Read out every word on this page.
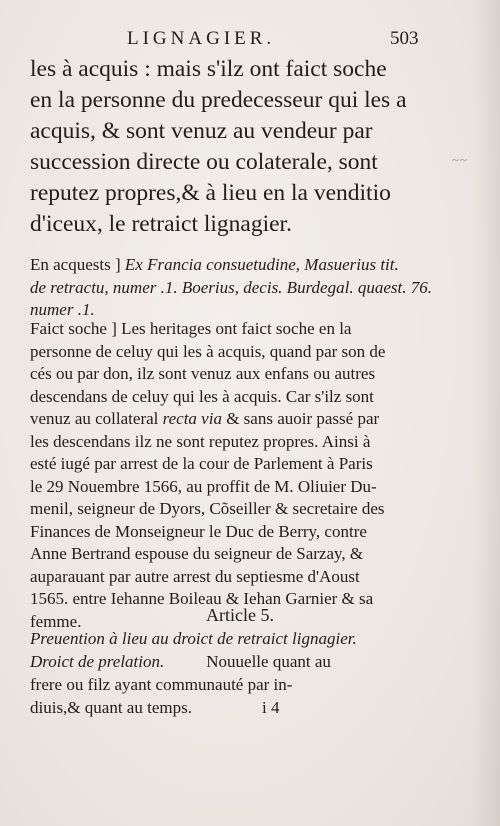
LIGNAGIER.	503

les à acquis : mais s'ilz ont faict soche
en la personne du predecesseur qui les a
acquis, & sont venuz au vendeur par
succession directe ou colaterale, sont
reputez propres,& à lieu en la venditio
d'iceux, le retraict lignagier.

~~

En acquests ] Ex Francia consuetudine, Masuerius tit.
de retractu, numer .1. Boerius, decis. Burdegal. quaest. 76.
numer .1.

Faict soche ] Les heritages ont faict soche en la
personne de celuy qui les à acquis, quand par son de
cés ou par don, ilz sont venuz aux enfans ou autres
descendans de celuy qui les à acquis. Car s'ilz sont
venuz au collateral recta via & sans auoir passé par
les descendans ilz ne sont reputez propres. Ainsi à
esté iugé par arrest de la cour de Parlement à Paris
le 29 Nouembre 1566, au proffit de M. Oliuier Du-
menil, seigneur de Dyors, Cõseiller & secretaire des
Finances de Monseigneur le Duc de Berry, contre
Anne Bertrand espouse du seigneur de Sarzay, &
auparauant par autre arrest du septiesme d'Aoust
1565. entre Iehanne Boileau & Iehan Garnier & sa
femme.	Article 5.

Preuention à lieu au droict de retraict lignagier.
Droict de prelation. Nouuelle quant au
frere ou filz ayant communauté par in-
diuis,& quant au temps.	i 4
